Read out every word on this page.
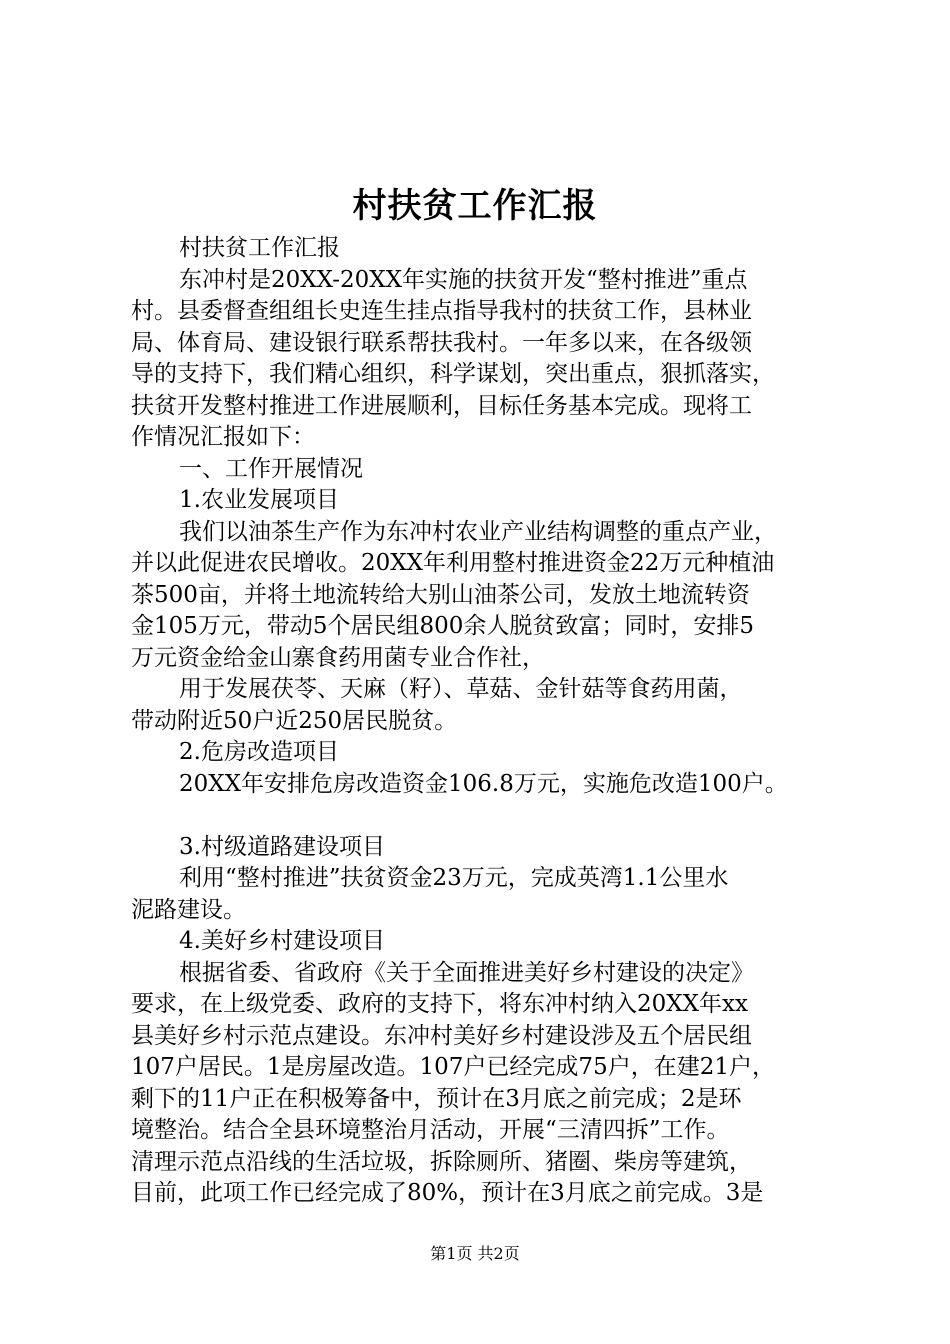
村扶贫工作汇报
村扶贫工作汇报
东冲村是20XX-20XX年实施的扶贫开发“整村推进”重点
村。县委督查组组长史连生挂点指导我村的扶贫工作，县林业
局、体育局、建设银行联系帮扶我村。一年多以来，在各级领
导的支持下，我们精心组织，科学谋划，突出重点，狠抓落实，
扶贫开发整村推进工作进展顺利，目标任务基本完成。现将工
作情况汇报如下：
一、工作开展情况
1.农业发展项目
我们以油茶生产作为东冲村农业产业结构调整的重点产业，
并以此促进农民增收。20XX年利用整村推进资金22万元种植油
茶500亩，并将土地流转给大别山油茶公司，发放土地流转资
金105万元，带动5个居民组800余人脱贫致富；同时，安排5
万元资金给金山寨食药用菌专业合作社，
用于发展茯苓、天麻（籽）、草菇、金针菇等食药用菌，
带动附近50户近250居民脱贫。
2.危房改造项目
20XX年安排危房改造资金106.8万元，实施危改造100户。
3.村级道路建设项目
利用“整村推进”扶贫资金23万元，完成英湾1.1公里水
泥路建设。
4.美好乡村建设项目
根据省委、省政府《关于全面推进美好乡村建设的决定》
要求，在上级党委、政府的支持下，将东冲村纳入20XX年xx
县美好乡村示范点建设。东冲村美好乡村建设涉及五个居民组
107户居民。1是房屋改造。107户已经完成75户，在建21户，
剩下的11户正在积极筹备中，预计在3月底之前完成；2是环
境整治。结合全县环境整治月活动，开展“三清四拆”工作。
清理示范点沿线的生活垃圾，拆除厕所、猪圈、柴房等建筑，
目前，此项工作已经完成了80%，预计在3月底之前完成。3是
第1页 共2页
